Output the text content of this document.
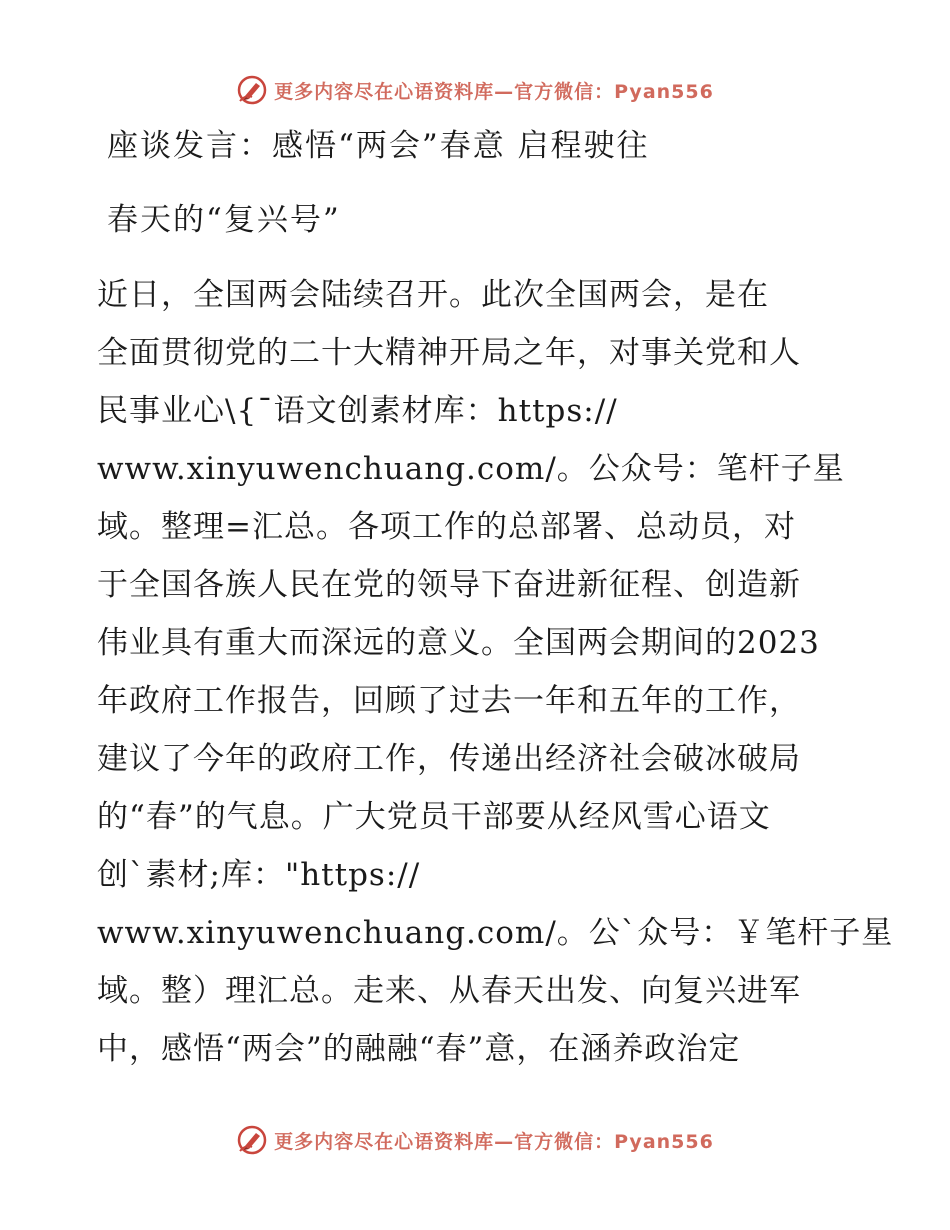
更多内容尽在心语资料库—官方微信：Pyan556
座谈发言：感悟“两会”春意 启程驶往
春天的“复兴号”
近日，全国两会陆续召开。此次全国两会，是在
全面贯彻党的二十大精神开局之年，对事关党和人
民事业心\{ˉ语文创素材库：https://
www.xinyuwenchuang.com/。公众号：笔杆子星
域。整理=汇总。各项工作的总部署、总动员，对
于全国各族人民在党的领导下奋进新征程、创造新
伟业具有重大而深远的意义。全国两会期间的2023
年政府工作报告，回顾了过去一年和五年的工作，
建议了今年的政府工作，传递出经济社会破冰破局
的“春”的气息。广大党员干部要从经风雪心语文
创`素材;库："https://
www.xinyuwenchuang.com/。公`众号：￥笔杆子星
域。整）理汇总。走来、从春天出发、向复兴进军
中，感悟“两会”的融融“春”意，在涵养政治定
更多内容尽在心语资料库—官方微信：Pyan556
